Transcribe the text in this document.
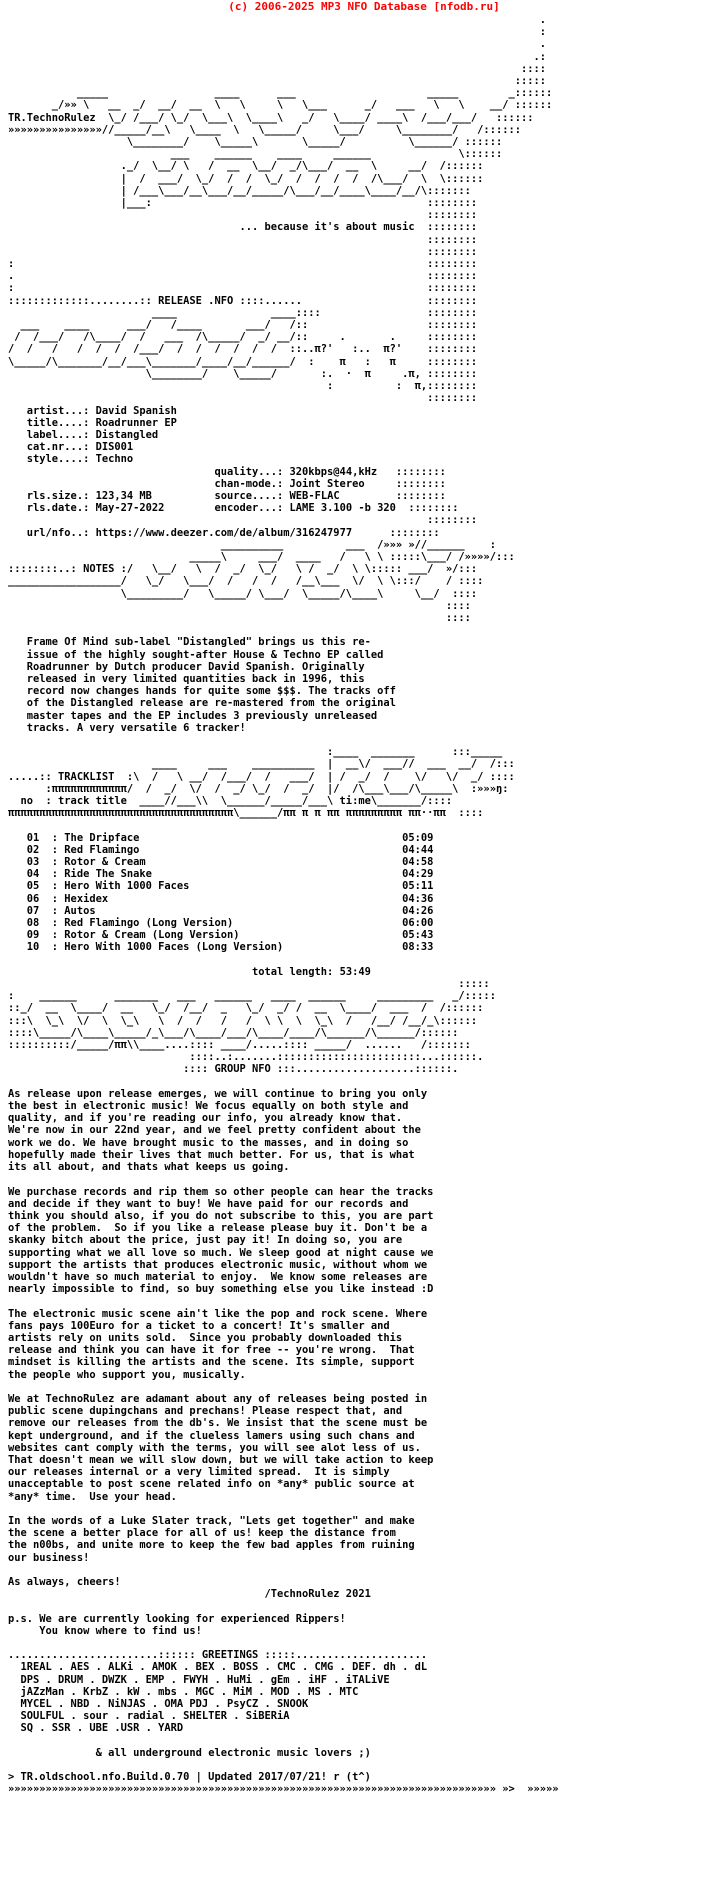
(c) 2006-2025 MP3 NFO Database [nfodb.ru]
.
:
.
.:
::::
:::::
_____                 ____      ___                     _____        _::::::
_/»» \   __  _/  __/  __  \   \     \   \___      _/   ___   \   \    __/ ::::::
TR.TechnoRulez  \_/ /___/ \_/  \___\  \____\   _/   \____/ ____\  /___/___/   ::::::
»»»»»»»»»»»»»»»//_____/__\   \____  \   \_____/     \___/     \________/   /::::::
\________/    \_____\       \_____/          \______/ ::::::
___    ______    ____     ______              \::::::
._/  \__/ \   /  __  \__/  _/\___/  __  \     __/  /::::::
|  /  ___/  \_/  /  /  \_/  /  /  /  /  /\___/  \  \::::::
| /___\___/__\___/__/_____/\___/__/____\____/__/\:::::::
|___:                                            ::::::::
::::::::
... because it's about music  ::::::::
::::::::
::::::::
:                                                                  ::::::::
.                                                                  ::::::::
:                                                                  ::::::::
:::::::::::::........:: RELEASE .NFO ::::......                    ::::::::
____               ____::::                 ::::::::
___    ____      ___/   /____       ___/   /::                   ::::::::
/  /___/   /\____/  /   ___  /\_____/  _/ __/::     .       .     ::::::::
/  /   /   /  /  /  /___/  /  /  /  /  /  /  ::..π?'   :..  π?'    ::::::::
\_____/\_______/__/___\_______/____/__/______/  :    π   :   π     ::::::::
\________/    \_____/       :.  ·  π     .π, ::::::::
:          :  π,::::::::
::::::::

artist...: David Spanish
title....: Roadrunner EP
label....: Distangled
cat.nr...: DIS001
style....: Techno
quality...: 320kbps@44,kHz   ::::::::
chan-mode.: Joint Stereo	::::::::
rls.size.: 123,34 MB          source....: WEB-FLAC	::::::::
rls.date.: May-27-2022        encoder...: LAME 3.100 -b 320  ::::::::
::::::::
url/nfo..: https://www.deezer.com/de/album/316247977	::::::::

__________          ___  /»»» »//______    :
_____\     ___/  ____   /   \ \ :::::\___/ /»»»»/:::
::::::::..: NOTES :/   \__/   \  /  _/  \_/   \ /  _/  \ \::::: ___/  »/:::
__________________/   \_/   \___/  /   /  /   /__\___  \/  \ \:::/    / ::::
\_________/   \_____/ \___/  \_____/\____\     \__/  ::::
::::
::::

Frame Of Mind sub-label "Distangled" brings us this re-
issue of the highly sought-after House & Techno EP called
Roadrunner by Dutch producer David Spanish. Originally
released in very limited quantities back in 1996, this
record now changes hands for quite some $$$. The tracks off
of the Distangled release are re-mastered from the original
master tapes and the EP includes 3 previously unreleased
tracks. A very versatile 6 tracker!

:____  _______      :::_____
____     ___    __________  |  __\/  ___//  ___  __/  /:::
.....:: TRACKLIST  :\  /   \ __/  /___/  /   ___/  | /  _/  /    \/   \/  _/ ::::
:ππππππππππππ/  /  _/  \/  /  _/ \_/  /  _/  |/  /\___\___/\_____\  :»»»ŋ:
no  : track title  ____//___\\  \______/_____/___\ ti:me\_______/::::
ππππππππππππππππππππππππππππππππππππ\______/ππ π π ππ πππππππππ ππ··ππ  ::::

01  : The Dripface                                          05:09
02  : Red Flamingo                                          04:44
03  : Rotor & Cream                                         04:58
04  : Ride The Snake                                        04:29
05  : Hero With 1000 Faces                                  05:11
06  : Hexidex                                               04:36
07  : Autos                                                 04:26
08  : Red Flamingo (Long Version)                           06:00
09  : Rotor & Cream (Long Version)                          05:43
10  : Hero With 1000 Faces (Long Version)                   08:33

total length: 53:49

:::::
:    ______      _______   ___   ______   ____  ______     _________   _/:::::
::_/  __  \____/  __   \_/  /__/  _   \_/  _/ /  __  \____/  ___  /  /::::::
:::\  \_\  \/  \  \_\   \  /  /   /   /  \ \  \  \_\  /   /__/ /__/_\::::::
::::\_____/\____\_____/_\___/\____/___/\____/____/\______/\______/::::::
::::::::::/_____/ππ\\____....:::: ____/.....:::: _____/  ......   /:::::::
::::..:.......:::::::::::::::::::::::...::::::.
:::: GROUP NFO :::...................::::::.

As release upon release emerges, we will continue to bring you only
the best in electronic music! We focus equally on both style and
quality, and if you're reading our info, you already know that.
We're now in our 22nd year, and we feel pretty confident about the
work we do. We have brought music to the masses, and in doing so
hopefully made their lives that much better. For us, that is what
its all about, and thats what keeps us going.

We purchase records and rip them so other people can hear the tracks
and decide if they want to buy! We have paid for our records and
think you should also, if you do not subscribe to this, you are part
of the problem.  So if you like a release please buy it. Don't be a
skanky bitch about the price, just pay it! In doing so, you are
supporting what we all love so much. We sleep good at night cause we
support the artists that produces electronic music, without whom we
wouldn't have so much material to enjoy.  We know some releases are
nearly impossible to find, so buy something else you like instead :D

The electronic music scene ain't like the pop and rock scene. Where
fans pays 100Euro for a ticket to a concert! It's smaller and
artists rely on units sold.  Since you probably downloaded this
release and think you can have it for free -- you're wrong.  That
mindset is killing the artists and the scene. Its simple, support
the people who support you, musically.

We at TechnoRulez are adamant about any of releases being posted in
public scene dupingchans and prechans! Please respect that, and
remove our releases from the db's. We insist that the scene must be
kept underground, and if the clueless lamers using such chans and
websites cant comply with the terms, you will see alot less of us.
That doesn't mean we will slow down, but we will take action to keep
our releases internal or a very limited spread.  It is simply
unacceptable to post scene related info on *any* public source at
*any* time.  Use your head.

In the words of a Luke Slater track, "Lets get together" and make
the scene a better place for all of us! keep the distance from
the n00bs, and unite more to keep the few bad apples from ruining
our business!

As always, cheers!

/TechnoRulez 2021

p.s. We are currently looking for experienced Rippers!
You know where to find us!

........................:::::: GREETINGS :::::.....................

1REAL . AES . ALKi . AMOK . BEX . BOSS . CMC . CMG . DEF. dh . dL
DPS . DRUM . DWZK . EMP . FWYH . HuMi . gEm . iHF . iTALiVE
jAZzMan . KrbZ . kW . mbs . MGC . MiM . MOD . MS . MTC
MYCEL . NBD . NiNJAS . OMA PDJ . PsyCZ . SNOOK
SOULFUL . sour . radial . SHELTER . SiBERiA
SQ . SSR . UBE .USR . YARD

& all underground electronic music lovers ;)

> TR.oldschool.nfo.Build.0.70 | Updated 2017/07/21! r (t^)
»»»»»»»»»»»»»»»»»»»»»»»»»»»»»»»»»»»»»»»»»»»»»»»»»»»»»»»»»»»»»»»»»»»»»»»»»»»»»» »>  »»»»»
